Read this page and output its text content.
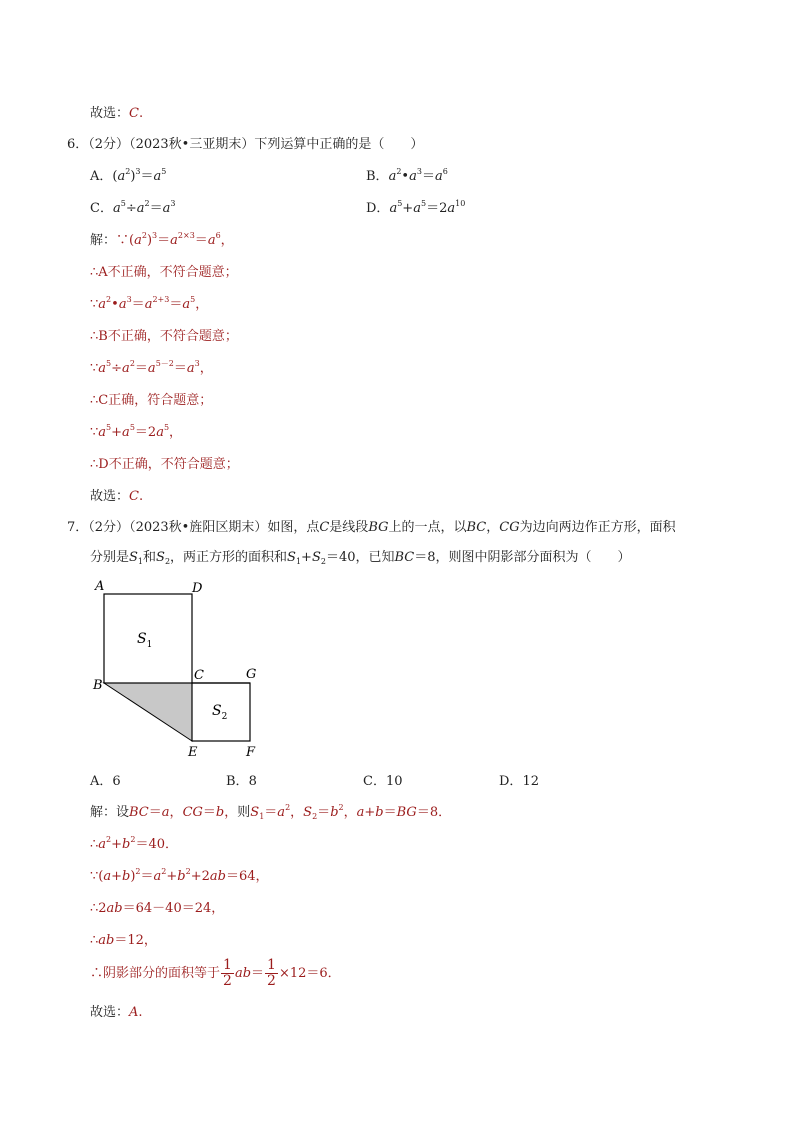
故选：C.
6．（2分）（2023秋•三亚期末）下列运算中正确的是（　　）
A．$(a^2)^3=a^5$	B．$a^2•a^3=a^6$
C．$a^5\div a^2=a^3$	D．$a^5+a^5=2a^{10}$
解：$\because(a^2)^3=a^{2\times 3}=a^6$，
∴A不正确，不符合题意；
$\because a^2•a^3=a^{2+3}=a^5$，
∴B不正确，不符合题意；
$\because a^5\div a^2=a^{5-2}=a^3$，
∴C正确，符合题意；
$\because a^5+a^5=2a^5$，
∴D不正确，不符合题意；
故选：C.
7．（2分）（2023秋•旌阳区期末）如图，点C是线段BG上的一点，以BC，CG为边向两边作正方形，面积
分别是$S_1$和$S_2$，两正方形的面积和$S_1+S_2=40$，已知BC＝8，则图中阴影部分面积为（　　）
A	D
B
C	G
E	F
$S_1$
$S_2$
A．6	B．8	C．10	D．12
解：设BC＝a，CG＝b，则$S_1=a^2$，$S_2=b^2$，a+b＝BG＝8．
$\therefore a^2+b^2=40$．
$\because(a+b)^2=a^2+b^2+2ab=64$，
∴2ab＝64－40＝24，
∴ab＝12，
∴阴影部分的面积等于 $\frac{1}{2} ab= \frac{1}{2} \times 12=6$．
故选：A.
